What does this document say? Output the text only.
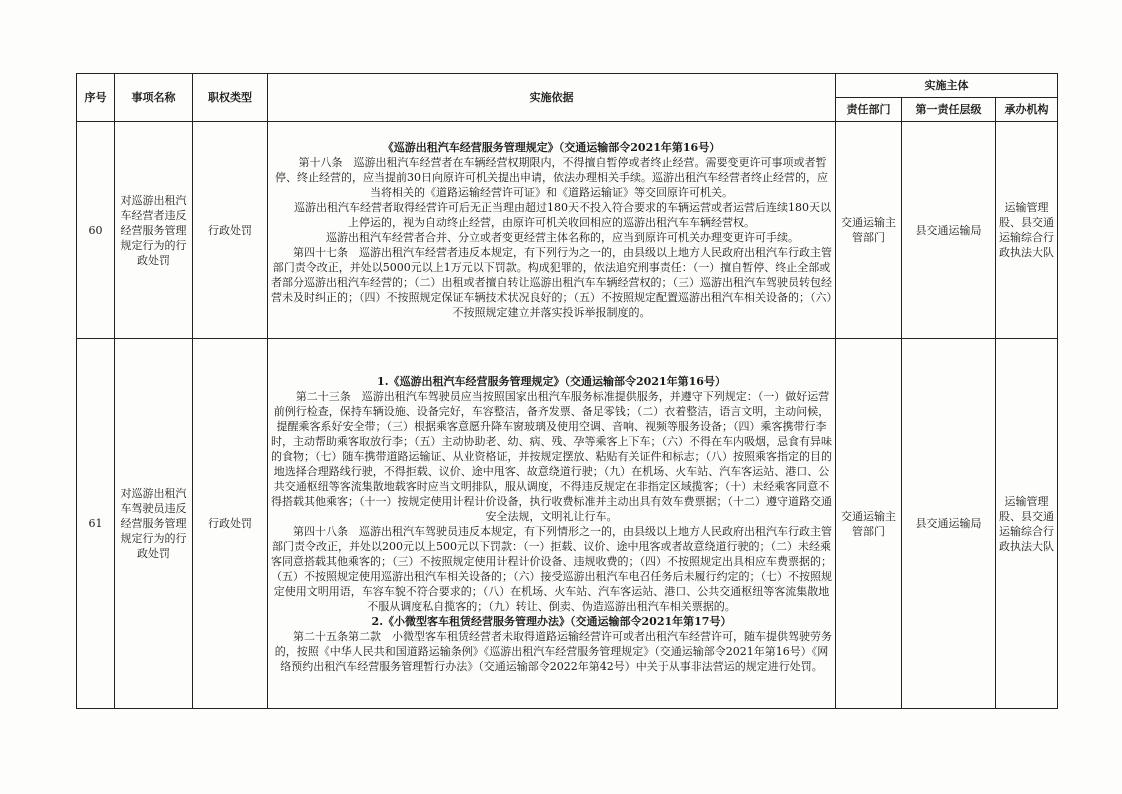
序号	事项名称	职权类型	实施依据	实施主体		
				责任部门	第一责任层级	承办机构
60	对巡游出租汽车经营者违反经营服务管理规定行为的行政处罚	行政处罚	《巡游出租汽车经营服务管理规定》（交通运输部令2021年第16号）
第十八条　巡游出租汽车经营者在车辆经营权期限内，不得擅自暂停或者终止经营。需要变更许可事项或者暂停、终止经营的，应当提前30日向原许可机关提出申请，依法办理相关手续。巡游出租汽车经营者终止经营的，应当将相关的《道路运输经营许可证》和《道路运输证》等交回原许可机关。
巡游出租汽车经营者取得经营许可后无正当理由超过180天不投入符合要求的车辆运营或者运营后连续180天以上停运的，视为自动终止经营，由原许可机关收回相应的巡游出租汽车车辆经营权。
巡游出租汽车经营者合并、分立或者变更经营主体名称的，应当到原许可机关办理变更许可手续。
第四十七条　巡游出租汽车经营者违反本规定，有下列行为之一的，由县级以上地方人民政府出租汽车行政主管部门责令改正，并处以5000元以上1万元以下罚款。构成犯罪的，依法追究刑事责任：（一）擅自暂停、终止全部或者部分巡游出租汽车经营的；（二）出租或者擅自转让巡游出租汽车车辆经营权的；（三）巡游出租汽车驾驶员转包经营未及时纠正的；（四）不按照规定保证车辆技术状况良好的；（五）不按照规定配置巡游出租汽车相关设备的；（六）不按照规定建立并落实投诉举报制度的。	交通运输主管部门	县交通运输局	运输管理股、县交通运输综合行政执法大队
61	对巡游出租汽车驾驶员违反经营服务管理规定行为的行政处罚	行政处罚	1.《巡游出租汽车经营服务管理规定》（交通运输部令2021年第16号）
第二十三条　巡游出租汽车驾驶员应当按照国家出租汽车服务标准提供服务，并遵守下列规定：（一）做好运营前例行检查，保持车辆设施、设备完好，车容整洁，备齐发票、备足零钱；（二）衣着整洁，语言文明，主动问候，提醒乘客系好安全带；（三）根据乘客意愿升降车窗玻璃及使用空调、音响、视频等服务设备；（四）乘客携带行李时，主动帮助乘客取放行李；（五）主动协助老、幼、病、残、孕等乘客上下车；（六）不得在车内吸烟，忌食有异味的食物；（七）随车携带道路运输证、从业资格证，并按规定摆放、粘贴有关证件和标志；（八）按照乘客指定的目的地选择合理路线行驶，不得拒载、议价、途中甩客、故意绕道行驶；（九）在机场、火车站、汽车客运站、港口、公共交通枢纽等客流集散地载客时应当文明排队，服从调度，不得违反规定在非指定区域揽客；（十）未经乘客同意不得搭载其他乘客；（十一）按规定使用计程计价设备，执行收费标准并主动出具有效车费票据；（十二）遵守道路交通安全法规，文明礼让行车。
第四十八条　巡游出租汽车驾驶员违反本规定，有下列情形之一的，由县级以上地方人民政府出租汽车行政主管部门责令改正，并处以200元以上500元以下罚款：（一）拒载、议价、途中甩客或者故意绕道行驶的；（二）未经乘客同意搭载其他乘客的；（三）不按照规定使用计程计价设备、违规收费的；（四）不按照规定出具相应车费票据的；（五）不按照规定使用巡游出租汽车相关设备的；（六）接受巡游出租汽车电召任务后未履行约定的；（七）不按照规定使用文明用语，车容车貌不符合要求的；（八）在机场、火车站、汽车客运站、港口、公共交通枢纽等客流集散地不服从调度私自揽客的；（九）转让、倒卖、伪造巡游出租汽车相关票据的。
2.《小微型客车租赁经营服务管理办法》（交通运输部令2021年第17号）
第二十五条第二款　小微型客车租赁经营者未取得道路运输经营许可或者出租汽车经营许可，随车提供驾驶劳务的，按照《中华人民共和国道路运输条例》《巡游出租汽车经营服务管理规定》（交通运输部令2021年第16号）《网络预约出租汽车经营服务管理暂行办法》（交通运输部令2022年第42号）中关于从事非法营运的规定进行处罚。	交通运输主管部门	县交通运输局	运输管理股、县交通运输综合行政执法大队
